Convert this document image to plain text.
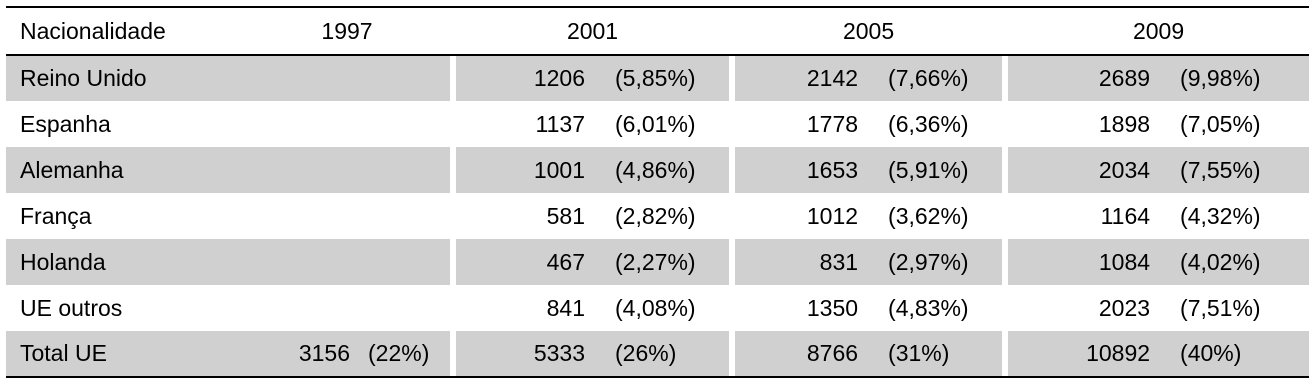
Nacionalidade	1997			2001			2005			2009		
Reino Unido				1206	(5,85%)		2142	(7,66%)		2689	(9,98%)	
Espanha				1137	(6,01%)		1778	(6,36%)		1898	(7,05%)	
Alemanha				1001	(4,86%)		1653	(5,91%)		2034	(7,55%)	
França				581	(2,82%)		1012	(3,62%)		1164	(4,32%)	
Holanda				467	(2,27%)		831	(2,97%)		1084	(4,02%)	
UE outros				841	(4,08%)		1350	(4,83%)		2023	(7,51%)	
Total UE	3156	(22%)		5333	(26%)		8766	(31%)		10892	(40%)	
